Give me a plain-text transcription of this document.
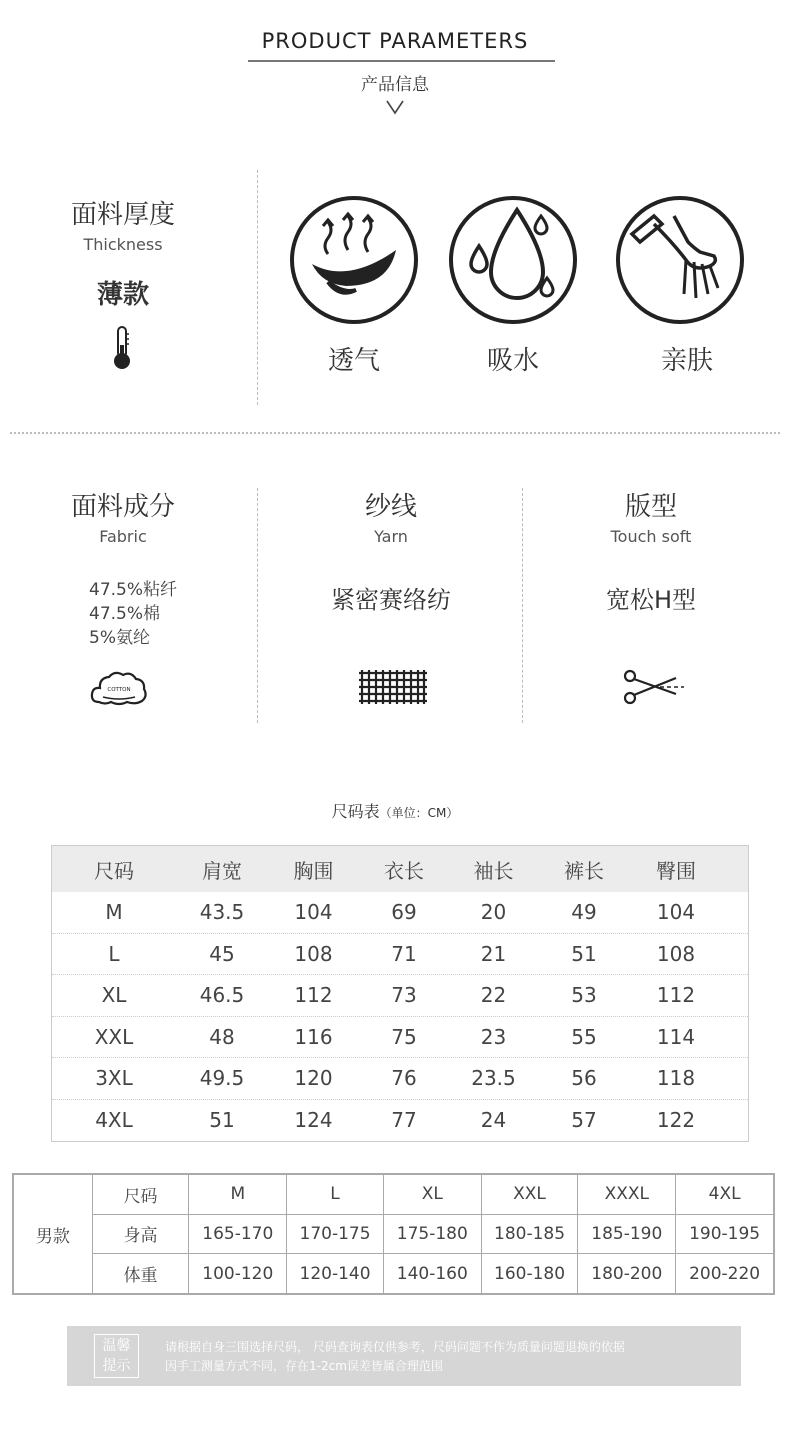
PRODUCT PARAMETERS
产品信息
面料厚度
Thickness
薄款
透气	吸水	亲肤
面料成分
Fabric
47.5%粘纤
47.5%棉
5%氨纶
COTTON
纱线
Yarn
紧密赛络纺
版型
Touch soft
宽松H型
尺码表（单位：CM）
尺码	肩宽	胸围	衣长	袖长	裤长	臀围
M	43.5	104	69	20	49	104
L	45	108	71	21	51	108
XL	46.5	112	73	22	53	112
XXL	48	116	75	23	55	114
3XL	49.5	120	76	23.5	56	118
4XL	51	124	77	24	57	122
男款	尺码	M	L	XL	XXL	XXXL	4XL
	身高	165-170	170-175	175-180	180-185	185-190	190-195
	体重	100-120	120-140	140-160	160-180	180-200	200-220
温馨
提示
请根据自身三围选择尺码， 尺码查询表仅供参考，尺码问题不作为质量问题退换的依据
因手工测量方式不同，存在1-2cm误差皆属合理范围
